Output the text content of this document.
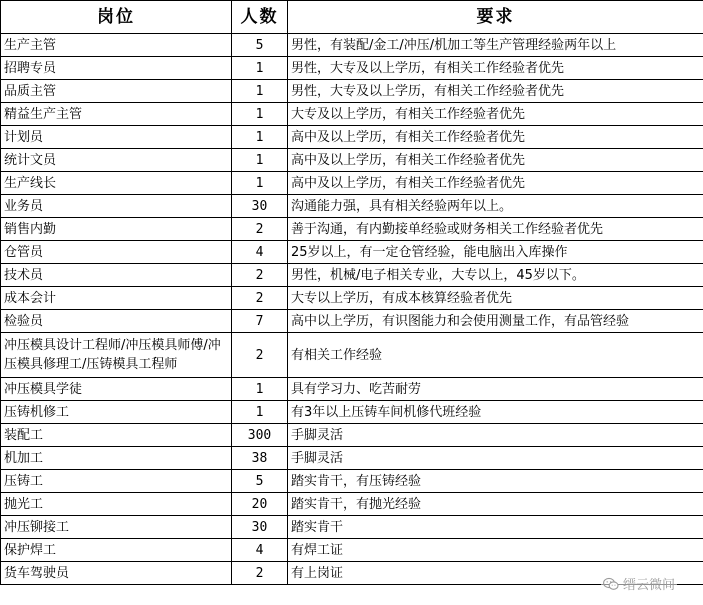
岗位	人数	要求
生产主管	5	男性，有装配/金工/冲压/机加工等生产管理经验两年以上
招聘专员	1	男性，大专及以上学历，有相关工作经验者优先
品质主管	1	男性，大专及以上学历，有相关工作经验者优先
精益生产主管	1	大专及以上学历，有相关工作经验者优先
计划员	1	高中及以上学历，有相关工作经验者优先
统计文员	1	高中及以上学历，有相关工作经验者优先
生产线长	1	高中及以上学历，有相关工作经验者优先
业务员	30	沟通能力强，具有相关经验两年以上。
销售内勤	2	善于沟通，有内勤接单经验或财务相关工作经验者优先
仓管员	4	25岁以上，有一定仓管经验，能电脑出入库操作
技术员	2	男性，机械/电子相关专业，大专以上，45岁以下。
成本会计	2	大专以上学历，有成本核算经验者优先
检验员	7	高中以上学历，有识图能力和会使用测量工作，有品管经验
冲压模具设计工程师/冲压模具师傅/冲压模具修理工/压铸模具工程师	2	有相关工作经验
冲压模具学徒	1	具有学习力、吃苦耐劳
压铸机修工	1	有3年以上压铸车间机修代班经验
装配工	300	手脚灵活
机加工	38	手脚灵活
压铸工	5	踏实肯干，有压铸经验
抛光工	20	踏实肯干，有抛光经验
冲压铆接工	30	踏实肯干
保护焊工	4	有焊工证
货车驾驶员	2	有上岗证
缙云微间
